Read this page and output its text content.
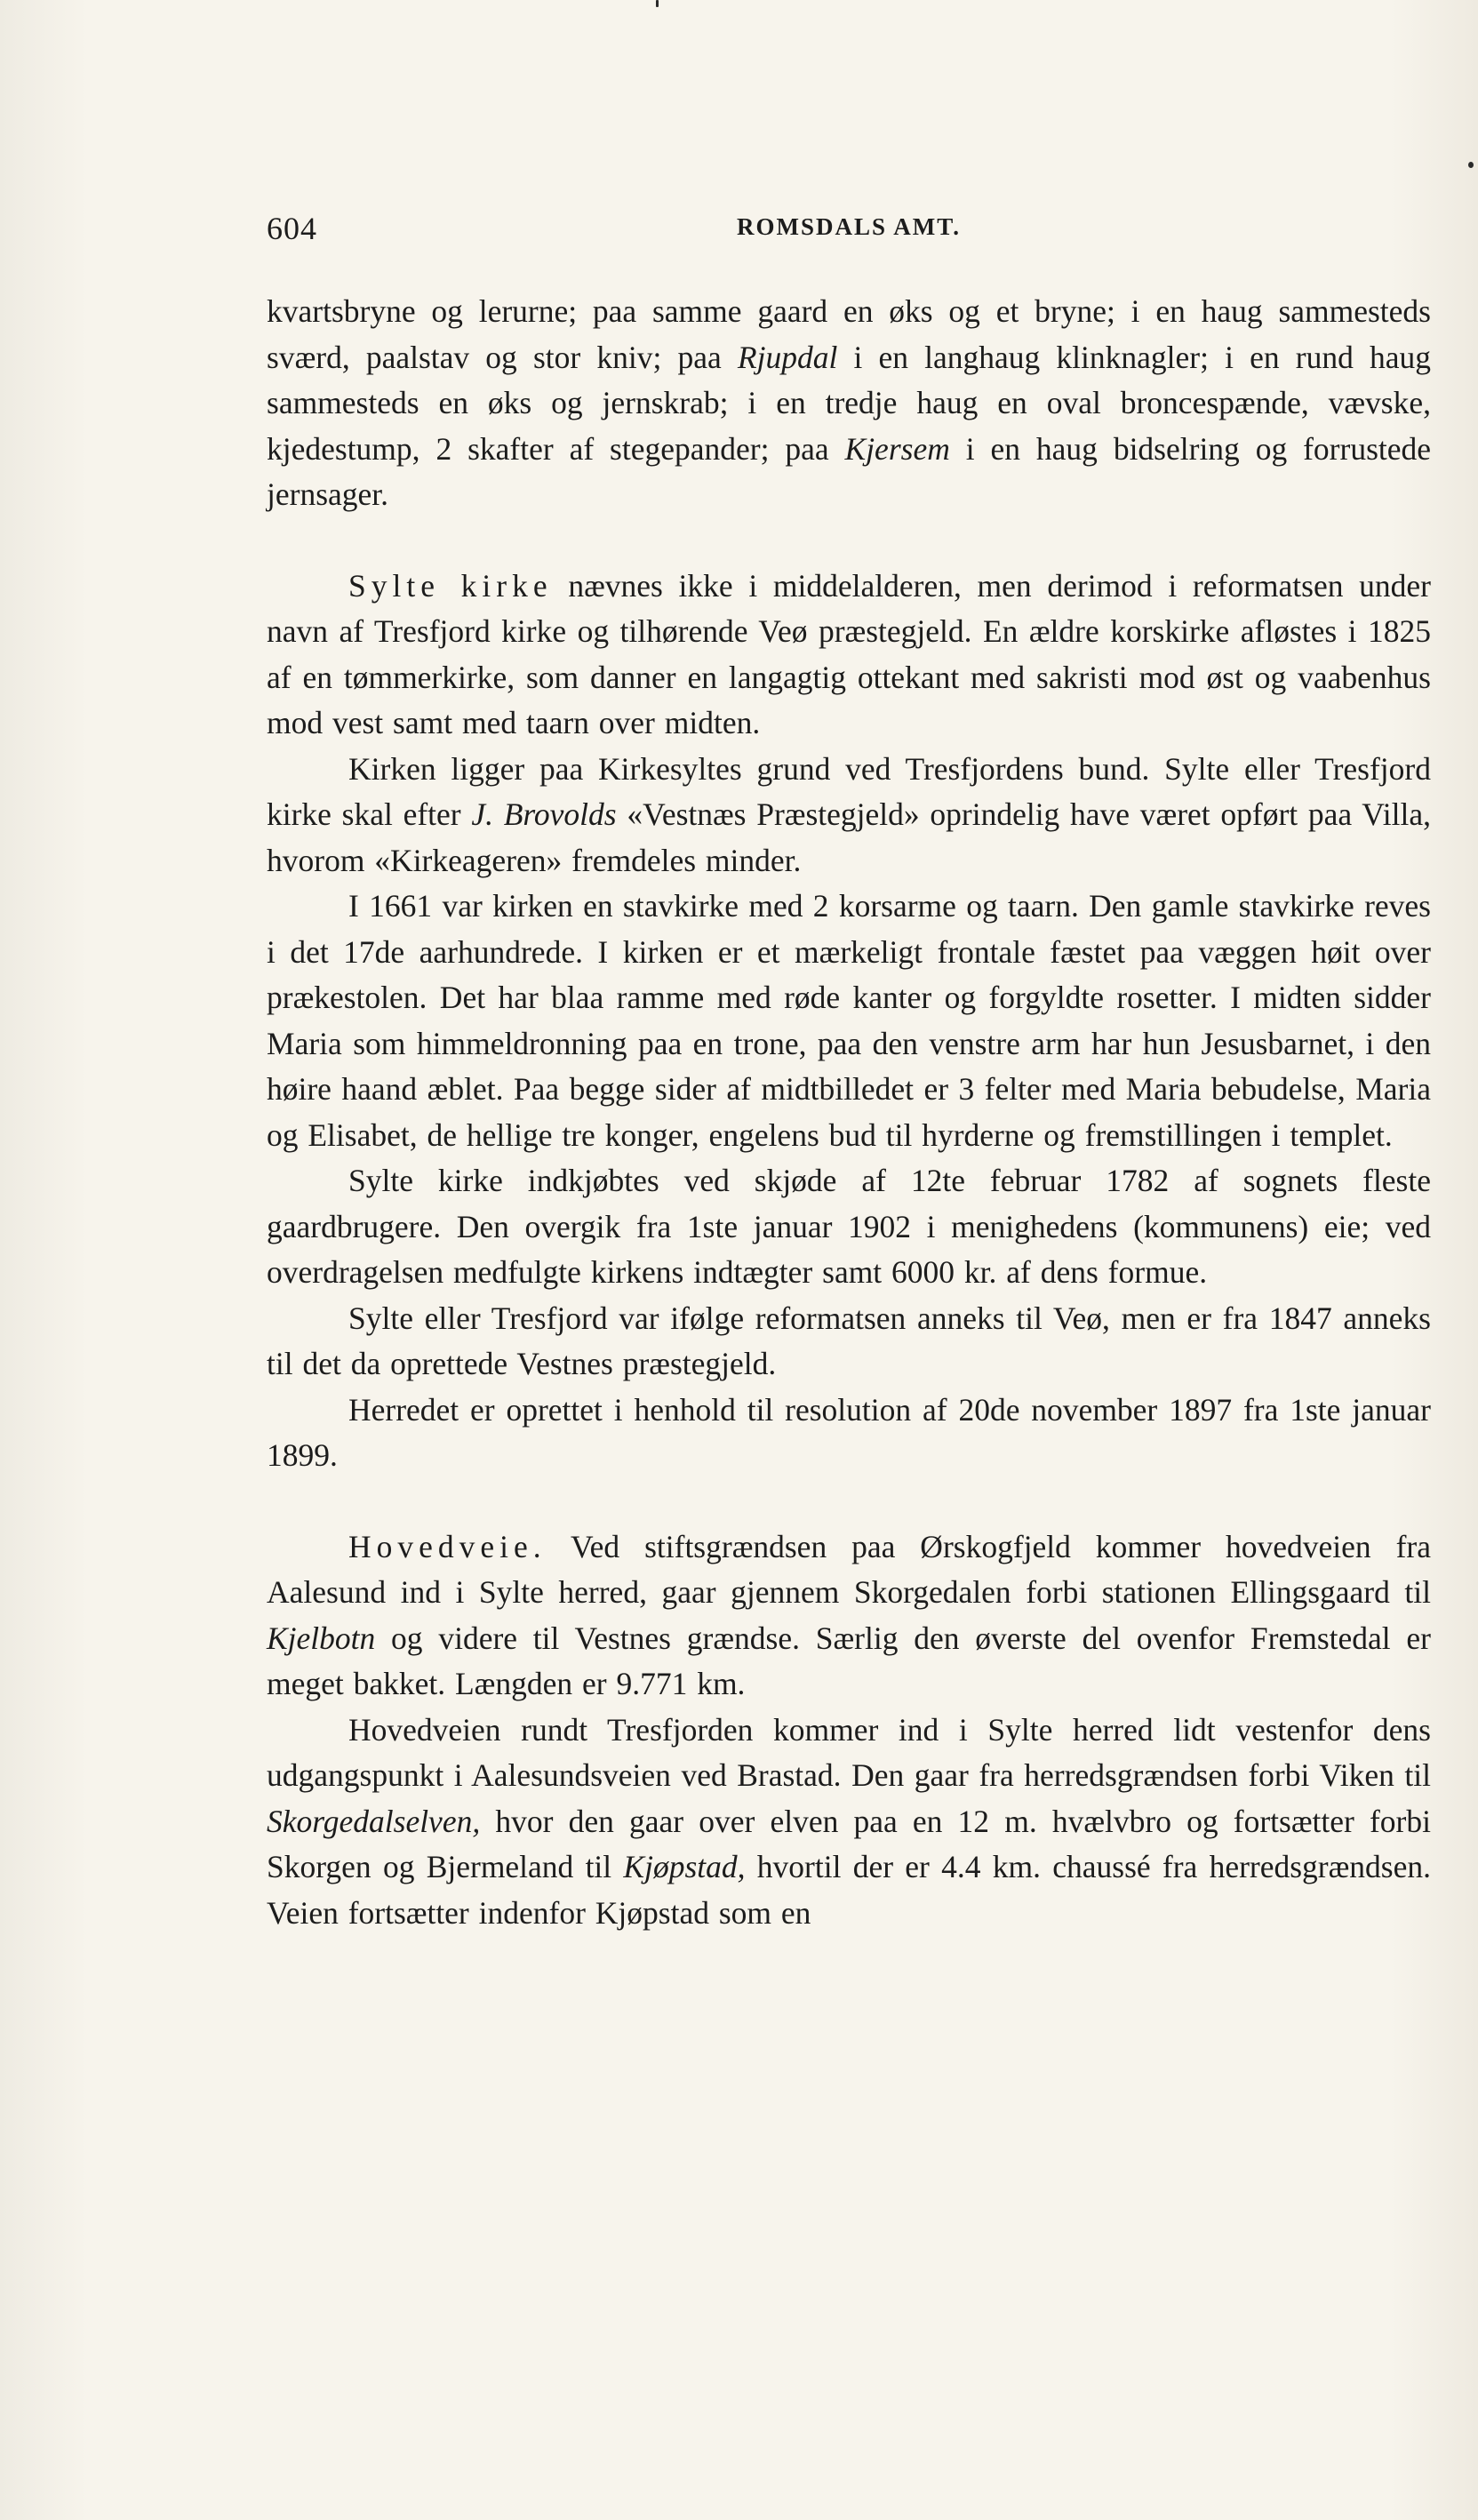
604	ROMSDALS AMT.

kvartsbryne og lerurne; paa samme gaard en øks og et bryne; i en haug sammesteds sværd, paalstav og stor kniv; paa Rjupdal i en langhaug klinknagler; i en rund haug sammesteds en øks og jernskrab; i en tredje haug en oval broncespænde, vævske, kjedestump, 2 skafter af stegepander; paa Kjersem i en haug bidselring og forrustede jernsager.

Sylte kirke nævnes ikke i middelalderen, men derimod i reformatsen under navn af Tresfjord kirke og tilhørende Veø præstegjeld. En ældre korskirke afløstes i 1825 af en tømmerkirke, som danner en langagtig ottekant med sakristi mod øst og vaabenhus mod vest samt med taarn over midten.

Kirken ligger paa Kirkesyltes grund ved Tresfjordens bund. Sylte eller Tresfjord kirke skal efter J. Brovolds «Vestnæs Præstegjeld» oprindelig have været opført paa Villa, hvorom «Kirkeageren» fremdeles minder.

I 1661 var kirken en stavkirke med 2 korsarme og taarn. Den gamle stavkirke reves i det 17de aarhundrede. I kirken er et mærkeligt frontale fæstet paa væggen høit over prækestolen. Det har blaa ramme med røde kanter og forgyldte rosetter. I midten sidder Maria som himmeldronning paa en trone, paa den venstre arm har hun Jesusbarnet, i den høire haand æblet. Paa begge sider af midtbilledet er 3 felter med Maria bebudelse, Maria og Elisabet, de hellige tre konger, engelens bud til hyrderne og fremstillingen i templet.

Sylte kirke indkjøbtes ved skjøde af 12te februar 1782 af sognets fleste gaardbrugere. Den overgik fra 1ste januar 1902 i menighedens (kommunens) eie; ved overdragelsen medfulgte kirkens indtægter samt 6000 kr. af dens formue.

Sylte eller Tresfjord var ifølge reformatsen anneks til Veø, men er fra 1847 anneks til det da oprettede Vestnes præstegjeld.

Herredet er oprettet i henhold til resolution af 20de november 1897 fra 1ste januar 1899.

Hovedveie. Ved stiftsgrændsen paa Ørskogfjeld kommer hovedveien fra Aalesund ind i Sylte herred, gaar gjennem Skorgedalen forbi stationen Ellingsgaard til Kjelbotn og videre til Vestnes grændse. Særlig den øverste del ovenfor Fremstedal er meget bakket. Længden er 9.771 km.

Hovedveien rundt Tresfjorden kommer ind i Sylte herred lidt vestenfor dens udgangspunkt i Aalesundsveien ved Brastad. Den gaar fra herredsgrændsen forbi Viken til Skorgedalselven, hvor den gaar over elven paa en 12 m. hvælvbro og fortsætter forbi Skorgen og Bjermeland til Kjøpstad, hvortil der er 4.4 km. chaussé fra herredsgrændsen. Veien fortsætter indenfor Kjøpstad som en
